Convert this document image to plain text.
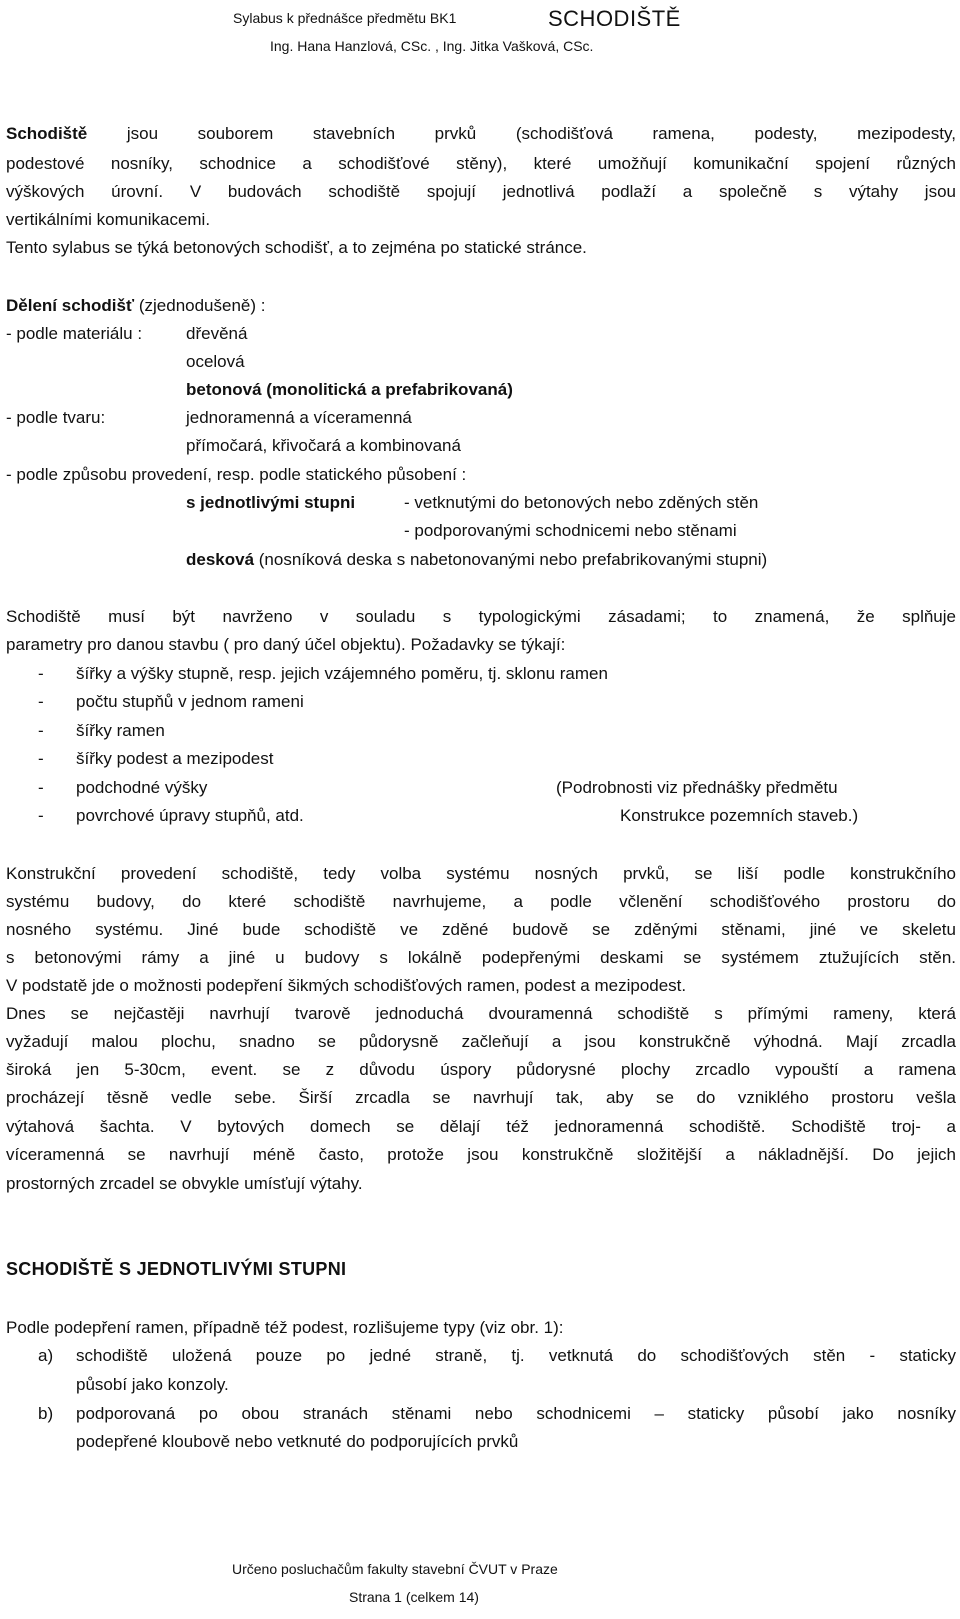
Sylabus k přednášce předmětu BK1
Ing. Hana Hanzlová, CSc. , Ing. Jitka Vašková, CSc.
SCHODIŠTĚ
Schodiště jsou souborem stavebních prvků (schodišťová ramena, podesty, mezipodesty,
podestové nosníky, schodnice a schodišťové stěny), které umožňují komunikační spojení různých
výškových úrovní. V budovách schodiště spojují jednotlivá podlaží a společně s výtahy jsou
vertikálními komunikacemi.
Tento sylabus se týká betonových schodišť, a to zejména po statické stránce.
Dělení schodišť (zjednodušeně) :
- podle materiálu :	dřevěná
ocelová
betonová (monolitická a prefabrikovaná)
- podle tvaru:	jednoramenná a víceramenná
přímočará, křivočará a kombinovaná
- podle způsobu provedení, resp. podle statického působení :
s jednotlivými stupni	- vetknutými do betonových nebo zděných stěn
- podporovanými schodnicemi nebo stěnami
desková (nosníková deska s nabetonovanými nebo prefabrikovanými stupni)
Schodiště musí být navrženo v souladu s typologickými zásadami; to znamená, že splňuje
parametry pro danou stavbu ( pro daný účel objektu). Požadavky se týkají:
- šířky a výšky stupně, resp. jejich vzájemného poměru, tj. sklonu ramen
- počtu stupňů v jednom rameni
- šířky ramen
- šířky podest a mezipodest
- podchodné výšky
- povrchové úpravy stupňů, atd.
(Podrobnosti viz přednášky předmětu
Konstrukce pozemních staveb.)
Konstrukční provedení schodiště, tedy volba systému nosných prvků, se liší podle konstrukčního
systému budovy, do které schodiště navrhujeme, a podle včlenění schodišťového prostoru do
nosného systému. Jiné bude schodiště ve zděné budově se zděnými stěnami, jiné ve skeletu
s betonovými rámy a jiné u budovy s lokálně podepřenými deskami se systémem ztužujících stěn.
V podstatě jde o možnosti podepření šikmých schodišťových ramen, podest a mezipodest.
Dnes se nejčastěji navrhují tvarově jednoduchá dvouramenná schodiště s přímými rameny, která
vyžadují malou plochu, snadno se půdorysně začleňují a jsou konstrukčně výhodná. Mají zrcadla
široká jen 5-30cm, event. se z důvodu úspory půdorysné plochy zrcadlo vypouští a ramena
procházejí těsně vedle sebe. Širší zrcadla se navrhují tak, aby se do vzniklého prostoru vešla
výtahová šachta. V bytových domech se dělají též jednoramenná schodiště. Schodiště troj- a
víceramenná se navrhují méně často, protože jsou konstrukčně složitější a nákladnější. Do jejich
prostorných zrcadel se obvykle umísťují výtahy.
SCHODIŠTĚ S JEDNOTLIVÝMI STUPNI
Podle podepření ramen, případně též podest, rozlišujeme typy (viz obr. 1):
a) schodiště uložená pouze po jedné straně, tj. vetknutá do schodišťových stěn - staticky
působí jako konzoly.
b) podporovaná po obou stranách stěnami nebo schodnicemi – staticky působí jako nosníky
podepřené kloubově nebo vetknuté do podporujících prvků
Určeno posluchačům fakulty stavební ČVUT v Praze
Strana 1 (celkem 14)
